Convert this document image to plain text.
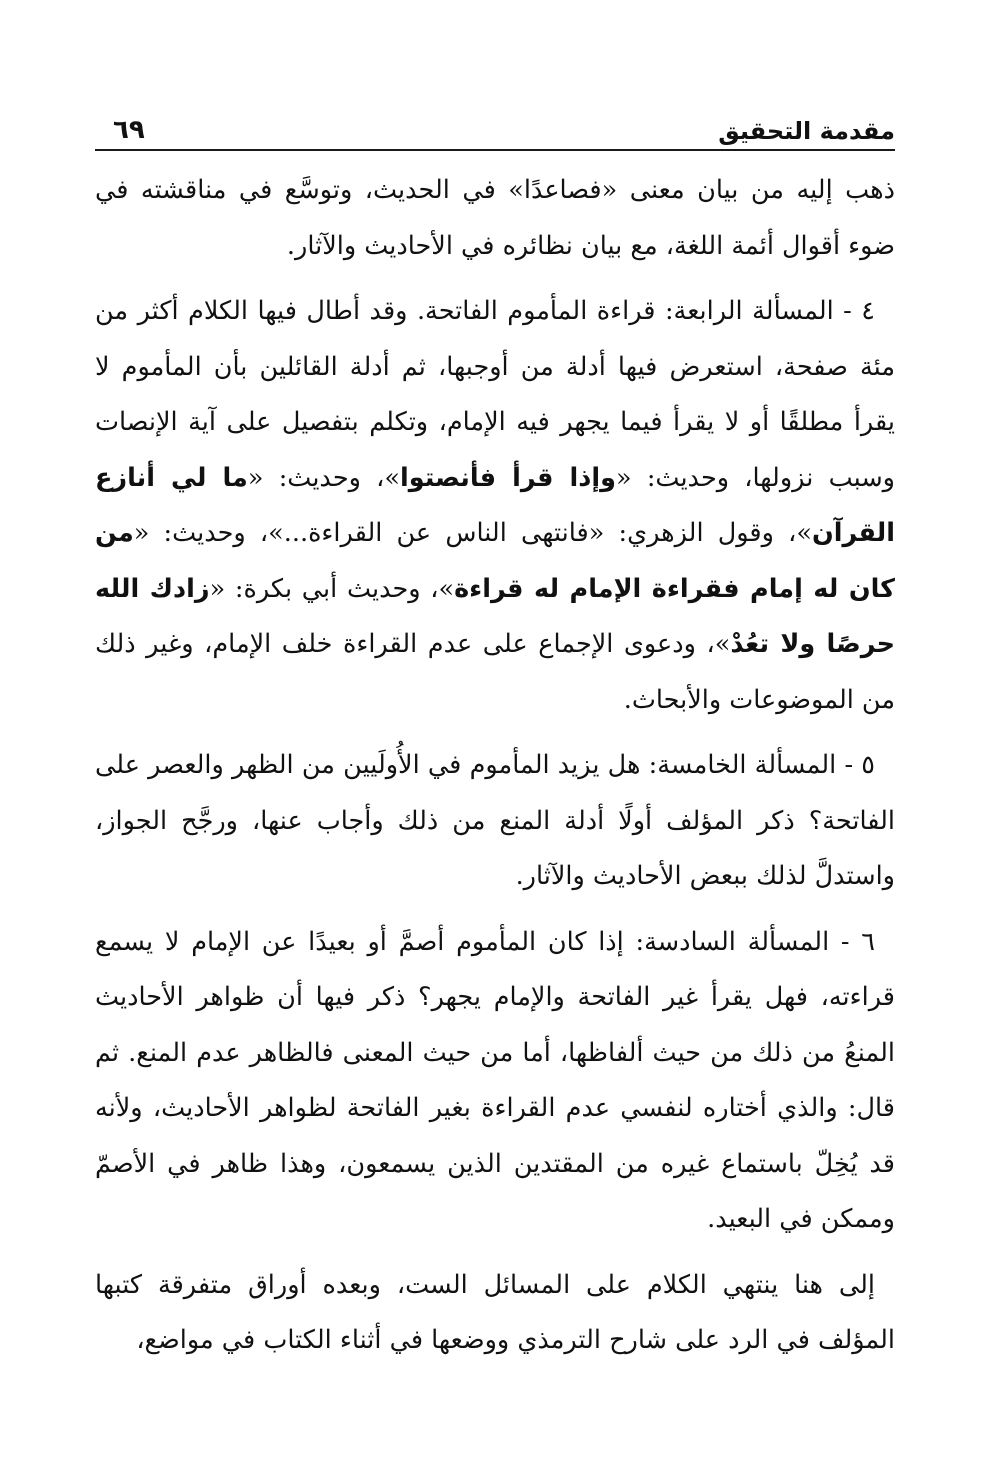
مقدمة التحقيق
٦٩

ذهب إليه من بيان معنى «فصاعدًا» في الحديث، وتوسَّع في مناقشته في ضوء أقوال أئمة اللغة، مع بيان نظائره في الأحاديث والآثار.

٤ - المسألة الرابعة: قراءة المأموم الفاتحة. وقد أطال فيها الكلام أكثر من مئة صفحة، استعرض فيها أدلة من أوجبها، ثم أدلة القائلين بأن المأموم لا يقرأ مطلقًا أو لا يقرأ فيما يجهر فيه الإمام، وتكلم بتفصيل على آية الإنصات وسبب نزولها، وحديث: «وإذا قرأ فأنصتوا»، وحديث: «ما لي أنازع القرآن»، وقول الزهري: «فانتهى الناس عن القراءة...»، وحديث: «من كان له إمام فقراءة الإمام له قراءة»، وحديث أبي بكرة: «زادك الله حرصًا ولا تعُدْ»، ودعوى الإجماع على عدم القراءة خلف الإمام، وغير ذلك من الموضوعات والأبحاث.

٥ - المسألة الخامسة: هل يزيد المأموم في الأُولَيين من الظهر والعصر على الفاتحة؟ ذكر المؤلف أولًا أدلة المنع من ذلك وأجاب عنها، ورجَّح الجواز، واستدلَّ لذلك ببعض الأحاديث والآثار.

٦ - المسألة السادسة: إذا كان المأموم أصمَّ أو بعيدًا عن الإمام لا يسمع قراءته، فهل يقرأ غير الفاتحة والإمام يجهر؟ ذكر فيها أن ظواهر الأحاديث المنعُ من ذلك من حيث ألفاظها، أما من حيث المعنى فالظاهر عدم المنع. ثم قال: والذي أختاره لنفسي عدم القراءة بغير الفاتحة لظواهر الأحاديث، ولأنه قد يُخِلّ باستماع غيره من المقتدين الذين يسمعون، وهذا ظاهر في الأصمّ وممكن في البعيد.

إلى هنا ينتهي الكلام على المسائل الست، وبعده أوراق متفرقة كتبها المؤلف في الرد على شارح الترمذي ووضعها في أثناء الكتاب في مواضع،
